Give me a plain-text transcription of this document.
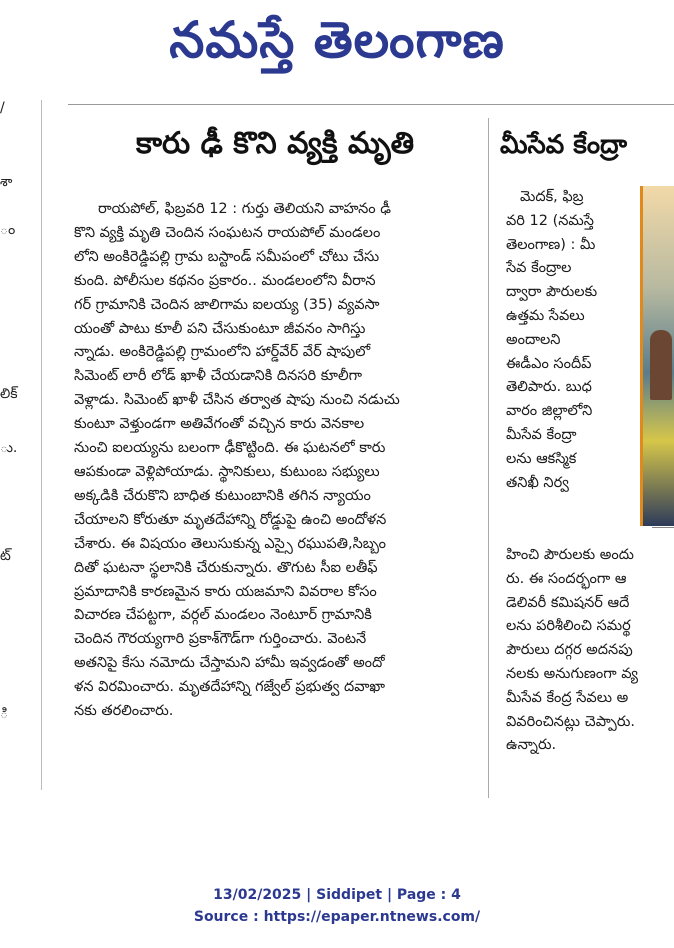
నమస్తే తెలంగాణ
/
శా
ం
లిక్
ు.
ట్
ి
కారు ఢీ కొని వ్యక్తి మృతి
రాయపోల్, ఫిబ్రవరి 12 : గుర్తు తెలియని వాహనం ఢీ
కొని వ్యక్తి మృతి చెందిన సంఘటన రాయపోల్ మండలం
లోని అంకిరెడ్డిపల్లి గ్రామ బస్టాండ్ సమీపంలో చోటు చేసు
కుంది. పోలీసుల కథనం ప్రకారం.. మండలంలోని వీరాన
గర్ గ్రామానికి చెందిన జాలిగామ ఐలయ్య (35) వ్యవసా
యంతో పాటు కూలీ పని చేసుకుంటూ జీవనం సాగిస్తు
న్నాడు. అంకిరెడ్డిపల్లి గ్రామంలోని హార్డ్‌వేర్ వేర్ షాపులో
సిమెంట్ లారీ లోడ్ ఖాళీ చేయడానికి దినసరి కూలీగా
వెళ్లాడు. సిమెంట్ ఖాళీ చేసిన తర్వాత షాపు నుంచి నడుచు
కుంటూ వెళ్తుండగా అతివేగంతో వచ్చిన కారు వెనకాల
నుంచి ఐలయ్యను బలంగా ఢీకొట్టింది. ఈ ఘటనలో కారు
ఆపకుండా వెళ్లిపోయాడు. స్థానికులు, కుటుంబ సభ్యులు
అక్కడికి చేరుకొని బాధిత కుటుంబానికి తగిన న్యాయం
చేయాలని కోరుతూ మృతదేహాన్ని రోడ్డుపై ఉంచి అందోళన
చేశారు. ఈ విషయం తెలుసుకున్న ఎస్సై రఘుపతి,సిబ్బం
దితో ఘటనా స్థలానికి చేరుకున్నారు. తొగుట సీఐ లతీఫ్
ప్రమాదానికి కారణమైన కారు యజమాని వివరాల కోసం
విచారణ చేపట్టగా, వర్గల్ మండలం నెంటూర్ గ్రామానికి
చెందిన గౌరయ్యగారి ప్రకాశ్‌గౌడ్‌గా గుర్తించారు. వెంటనే
అతనిపై కేసు నమోదు చేస్తామని హామీ ఇవ్వడంతో అందో
ళన విరమించారు. మృతదేహాన్ని గజ్వేల్ ప్రభుత్వ దవాఖా
నకు తరలించారు.
మీసేవ కేంద్రా
మెదక్, ఫిబ్ర
వరి 12 (నమస్తే
తెలంగాణ) : మీ
సేవ కేంద్రాల
ద్వారా పౌరులకు
ఉత్తమ సేవలు
అందాలని
ఈడీఎం సందీప్
తెలిపారు. బుధ
వారం జిల్లాలోని
మీసేవ కేంద్రా
లను ఆకస్మిక
తనిఖీ నిర్వ
హించి పౌరులకు అందు
రు. ఈ సందర్భంగా ఆ
డెలివరీ కమిషనర్ ఆదే
లను పరిశీలించి సమర్థ
పౌరులు దగ్గర అదనపు
నలకు అనుగుణంగా వ్య
మీసేవ కేంద్ర సేవలు అ
వివరించినట్లు చెప్పారు.
ఉన్నారు.
13/02/2025 | Siddipet | Page : 4
Source : https://epaper.ntnews.com/
